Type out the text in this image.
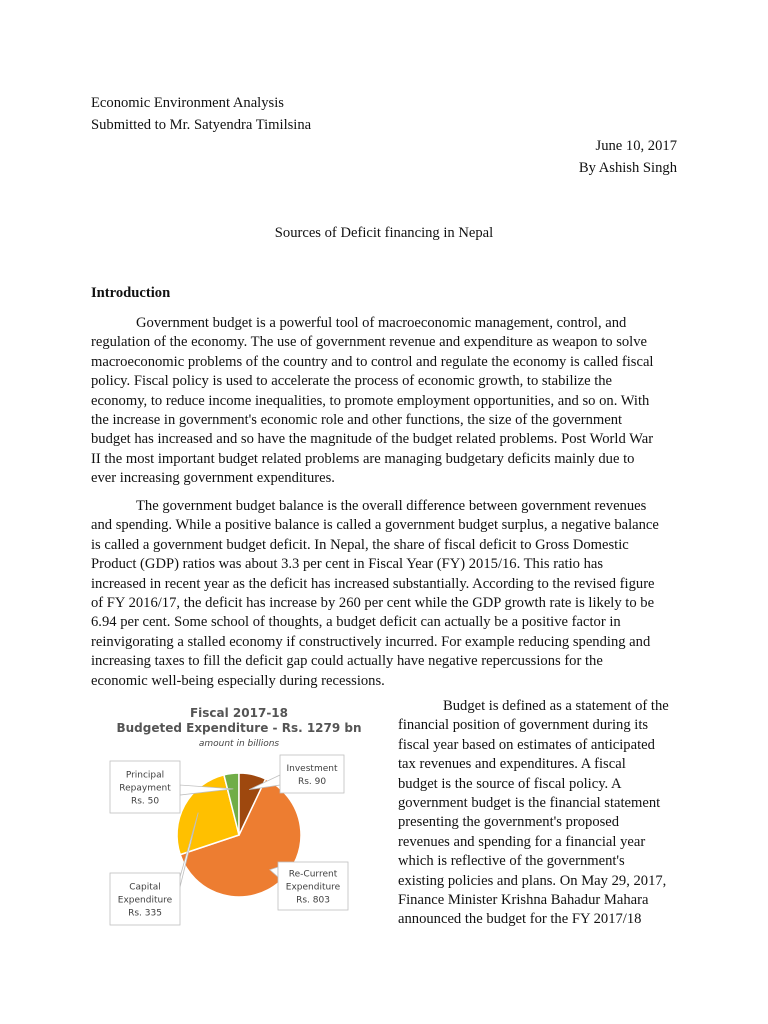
Economic Environment Analysis
Submitted to Mr. Satyendra Timilsina
June 10, 2017
By Ashish Singh
Sources of Deficit financing in Nepal
Introduction
Government budget is a powerful tool of macroeconomic management, control, and
regulation of the economy. The use of government revenue and expenditure as weapon to solve
macroeconomic problems of the country and to control and regulate the economy is called fiscal
policy. Fiscal policy is used to accelerate the process of economic growth, to stabilize the
economy, to reduce income inequalities, to promote employment opportunities, and so on. With
the increase in government's economic role and other functions, the size of the government
budget has increased and so have the magnitude of the budget related problems. Post World War
II the most important budget related problems are managing budgetary deficits mainly due to
ever increasing government expenditures.
The government budget balance is the overall difference between government revenues
and spending. While a positive balance is called a government budget surplus, a negative balance
is called a government budget deficit. In Nepal, the share of fiscal deficit to Gross Domestic
Product (GDP) ratios was about 3.3 per cent in Fiscal Year (FY) 2015/16. This ratio has
increased in recent year as the deficit has increased substantially. According to the revised figure
of FY 2016/17, the deficit has increase by 260 per cent while the GDP growth rate is likely to be
6.94 per cent. Some school of thoughts, a budget deficit can actually be a positive factor in
reinvigorating a stalled economy if constructively incurred. For example reducing spending and
increasing taxes to fill the deficit gap could actually have negative repercussions for the
economic well-being especially during recessions.
Fiscal 2017-18
Budgeted Expenditure - Rs. 1279 bn
amount in billions
Re-Current
Expenditure
Rs. 803
Capital
Expenditure
Rs. 335
Principal
Repayment
Rs. 50
Investment
Rs. 90
Budget is defined as a statement of the
financial position of government during its
fiscal year based on estimates of anticipated
tax revenues and expenditures. A fiscal
budget is the source of fiscal policy. A
government budget is the financial statement
presenting the government's proposed
revenues and spending for a financial year
which is reflective of the government's
existing policies and plans. On May 29, 2017,
Finance Minister Krishna Bahadur Mahara
announced the budget for the FY 2017/18
